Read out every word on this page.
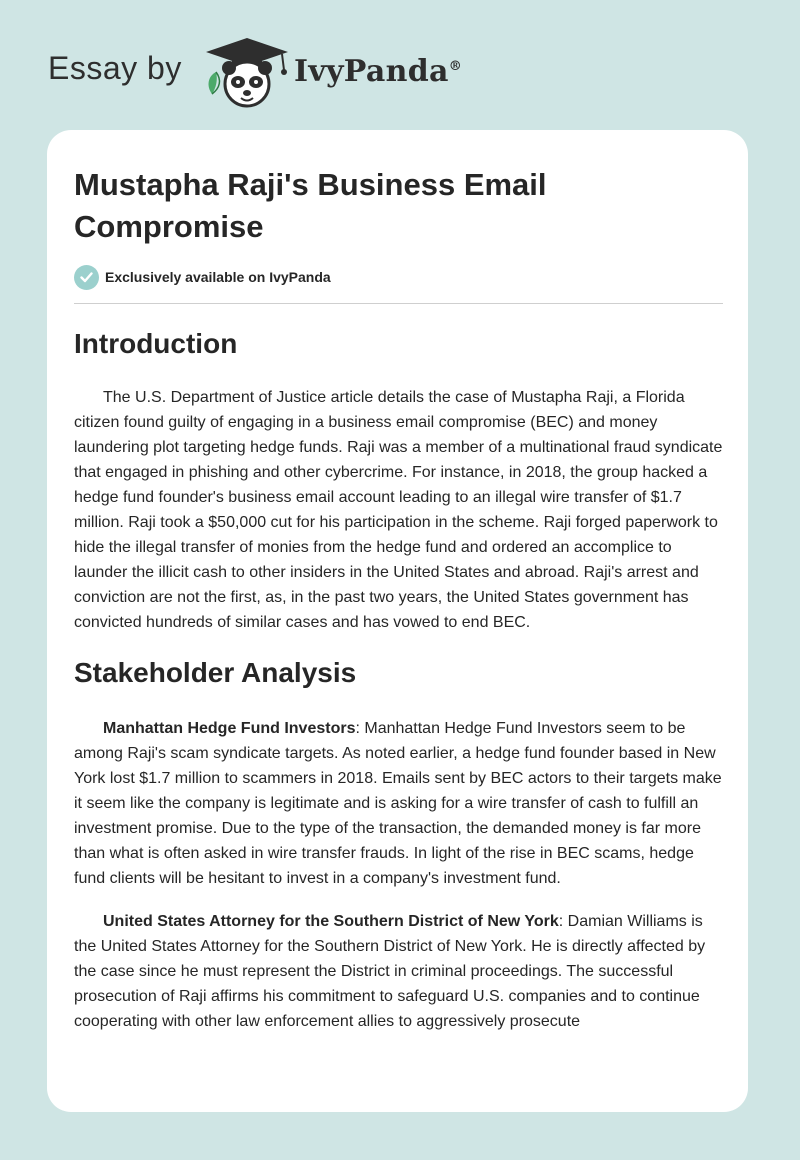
Essay by	IvyPanda®
Mustapha Raji's Business Email Compromise
Exclusively available on IvyPanda
Introduction

The U.S. Department of Justice article details the case of Mustapha Raji, a Florida citizen found guilty of engaging in a business email compromise (BEC) and money laundering plot targeting hedge funds. Raji was a member of a multinational fraud syndicate that engaged in phishing and other cybercrime. For instance, in 2018, the group hacked a hedge fund founder's business email account leading to an illegal wire transfer of $1.7 million. Raji took a $50,000 cut for his participation in the scheme. Raji forged paperwork to hide the illegal transfer of monies from the hedge fund and ordered an accomplice to launder the illicit cash to other insiders in the United States and abroad. Raji's arrest and conviction are not the first, as, in the past two years, the United States government has convicted hundreds of similar cases and has vowed to end BEC.

Stakeholder Analysis

Manhattan Hedge Fund Investors: Manhattan Hedge Fund Investors seem to be among Raji's scam syndicate targets. As noted earlier, a hedge fund founder based in New York lost $1.7 million to scammers in 2018. Emails sent by BEC actors to their targets make it seem like the company is legitimate and is asking for a wire transfer of cash to fulfill an investment promise. Due to the type of the transaction, the demanded money is far more than what is often asked in wire transfer frauds. In light of the rise in BEC scams, hedge fund clients will be hesitant to invest in a company's investment fund.

United States Attorney for the Southern District of New York: Damian Williams is the United States Attorney for the Southern District of New York. He is directly affected by the case since he must represent the District in criminal proceedings. The successful prosecution of Raji affirms his commitment to safeguard U.S. companies and to continue cooperating with other law enforcement allies to aggressively prosecute
